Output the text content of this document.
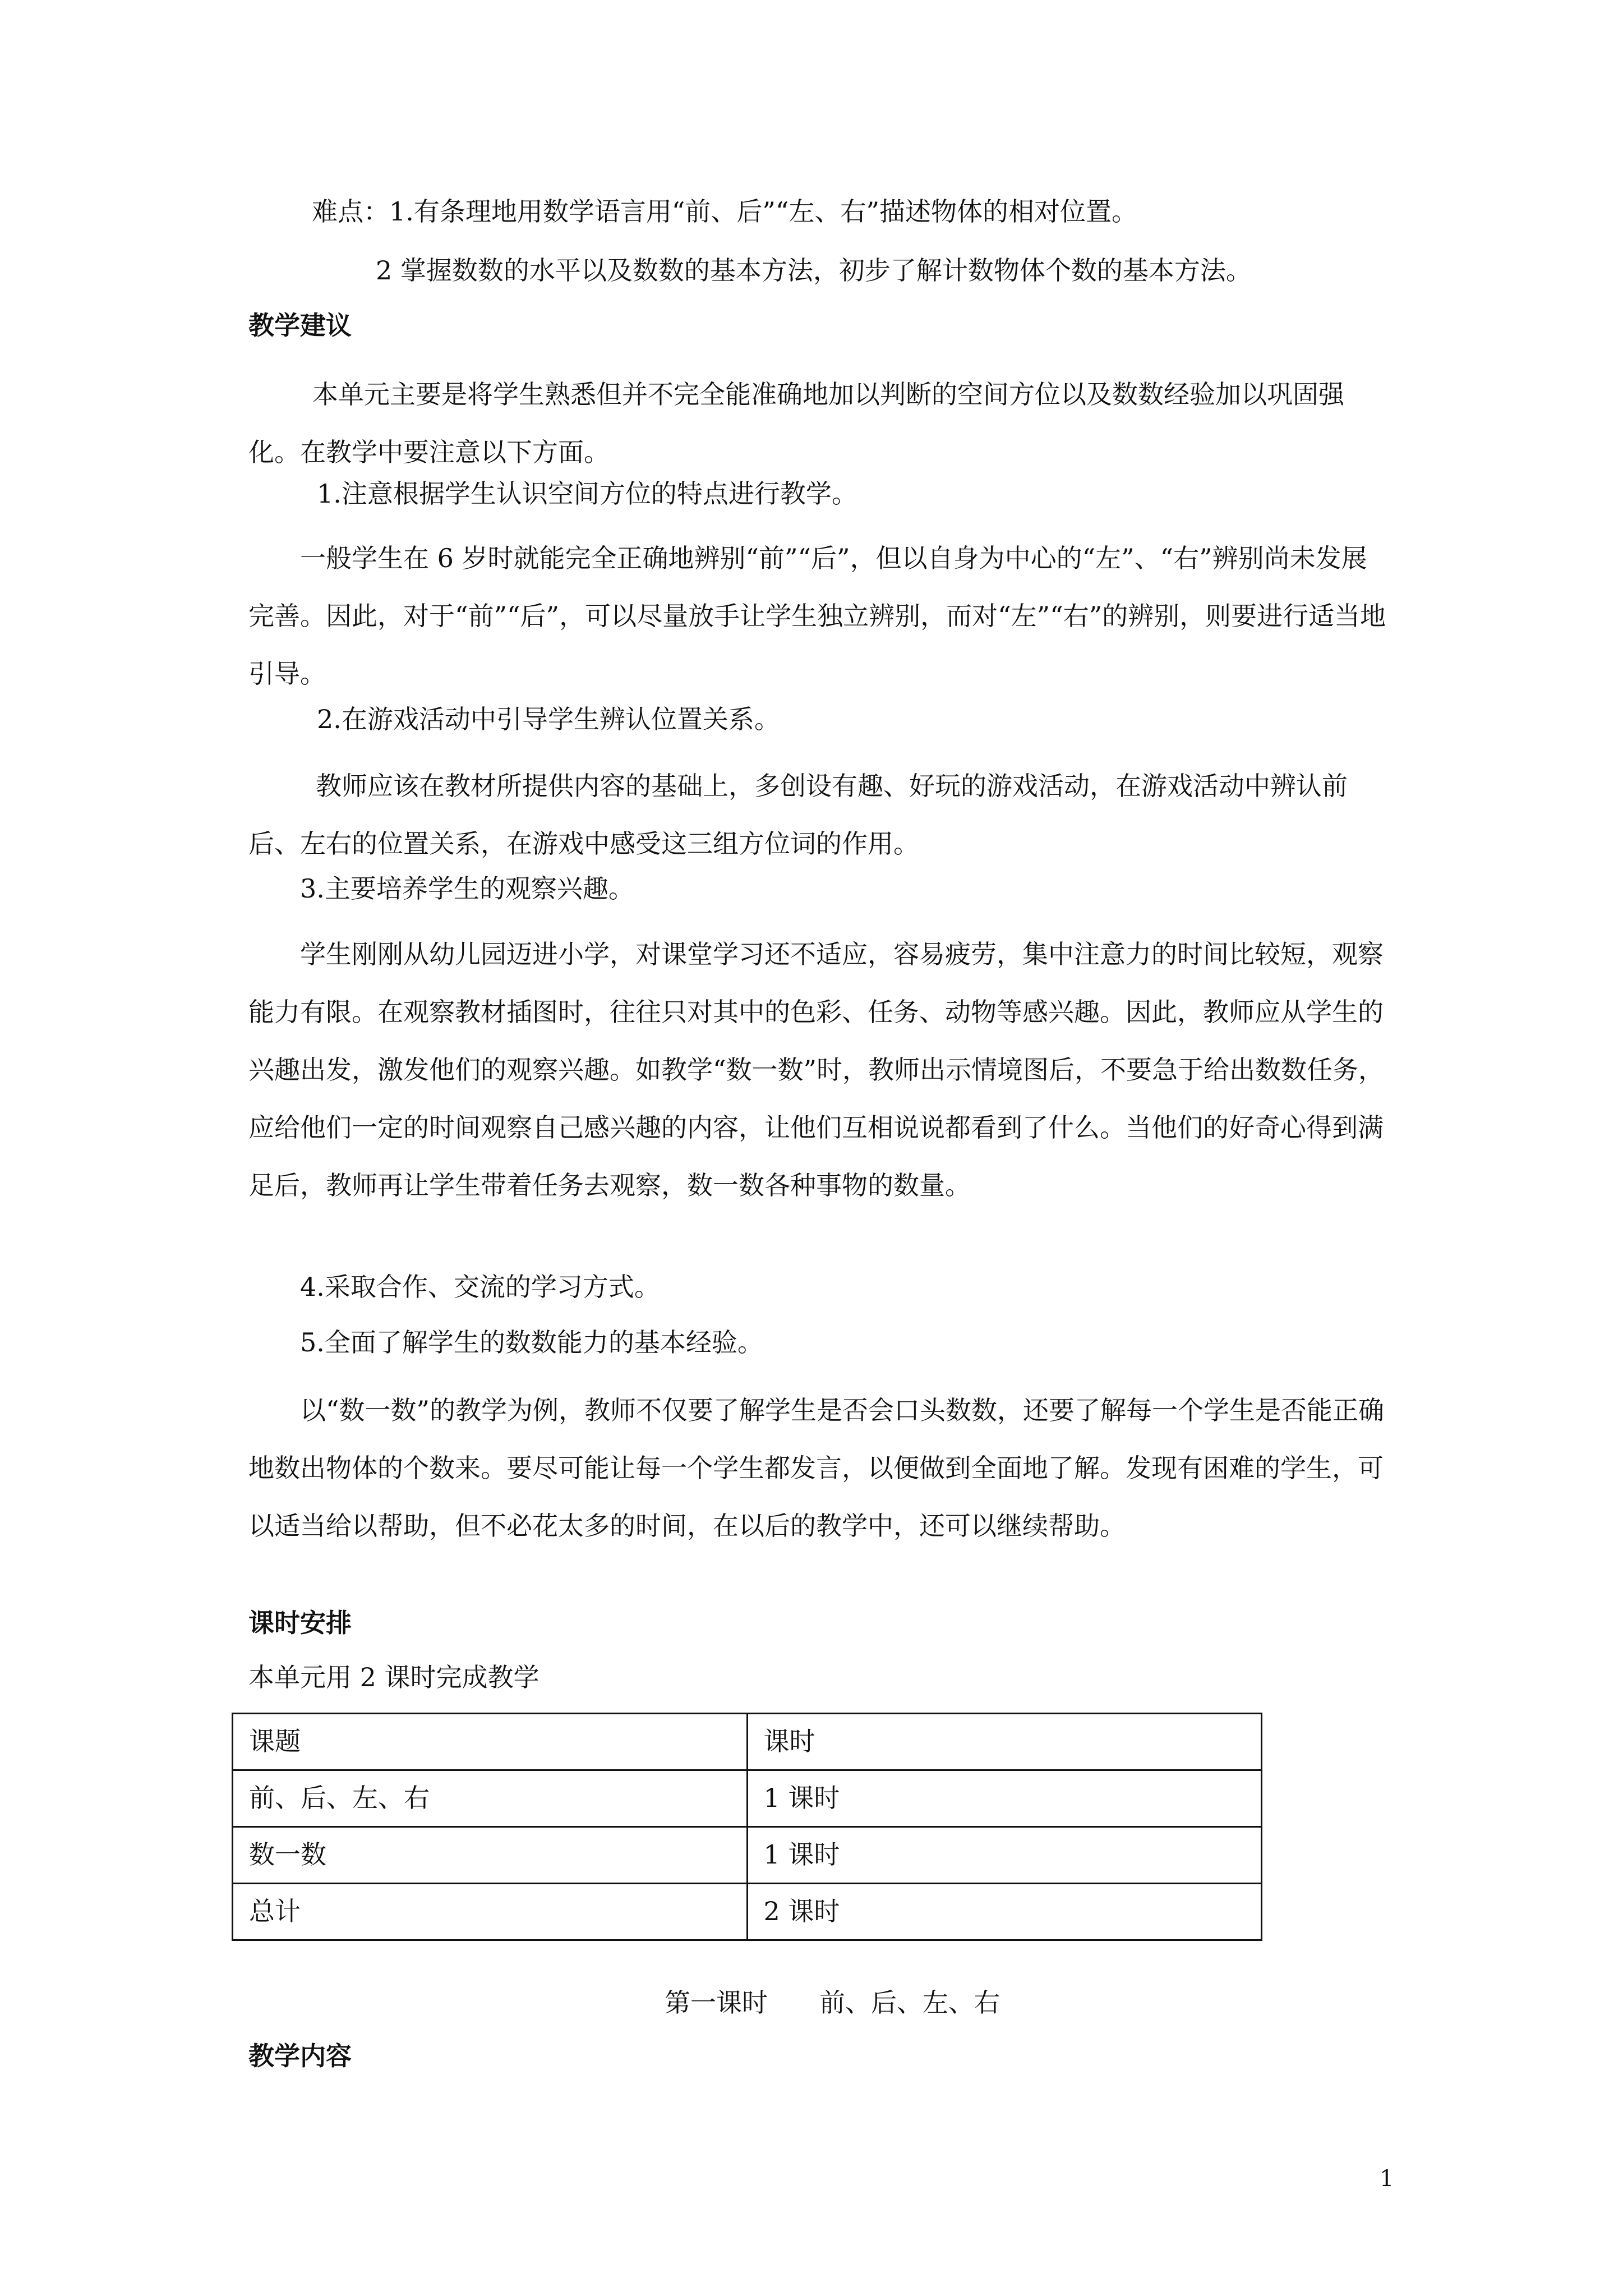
难点：1.有条理地用数学语言用“前、后”“左、右”描述物体的相对位置。
2 掌握数数的水平以及数数的基本方法，初步了解计数物体个数的基本方法。
教学建议
本单元主要是将学生熟悉但并不完全能准确地加以判断的空间方位以及数数经验加以巩固强化。在教学中要注意以下方面。
1.注意根据学生认识空间方位的特点进行教学。
一般学生在 6 岁时就能完全正确地辨别“前”“后”，但以自身为中心的“左”、“右”辨别尚未发展完善。因此，对于“前”“后”，可以尽量放手让学生独立辨别，而对“左”“右”的辨别，则要进行适当地引导。
2.在游戏活动中引导学生辨认位置关系。
教师应该在教材所提供内容的基础上，多创设有趣、好玩的游戏活动，在游戏活动中辨认前后、左右的位置关系，在游戏中感受这三组方位词的作用。
3.主要培养学生的观察兴趣。
学生刚刚从幼儿园迈进小学，对课堂学习还不适应，容易疲劳，集中注意力的时间比较短，观察能力有限。在观察教材插图时，往往只对其中的色彩、任务、动物等感兴趣。因此，教师应从学生的兴趣出发，激发他们的观察兴趣。如教学“数一数”时，教师出示情境图后，不要急于给出数数任务，应给他们一定的时间观察自己感兴趣的内容，让他们互相说说都看到了什么。当他们的好奇心得到满足后，教师再让学生带着任务去观察，数一数各种事物的数量。
4.采取合作、交流的学习方式。
5.全面了解学生的数数能力的基本经验。
以“数一数”的教学为例，教师不仅要了解学生是否会口头数数，还要了解每一个学生是否能正确地数出物体的个数来。要尽可能让每一个学生都发言，以便做到全面地了解。发现有困难的学生，可以适当给以帮助，但不必花太多的时间，在以后的教学中，还可以继续帮助。
课时安排
本单元用 2 课时完成教学
课题	课时
前、后、左、右	1 课时
数一数	1 课时
总计	2 课时
第一课时　　前、后、左、右
教学内容
1
